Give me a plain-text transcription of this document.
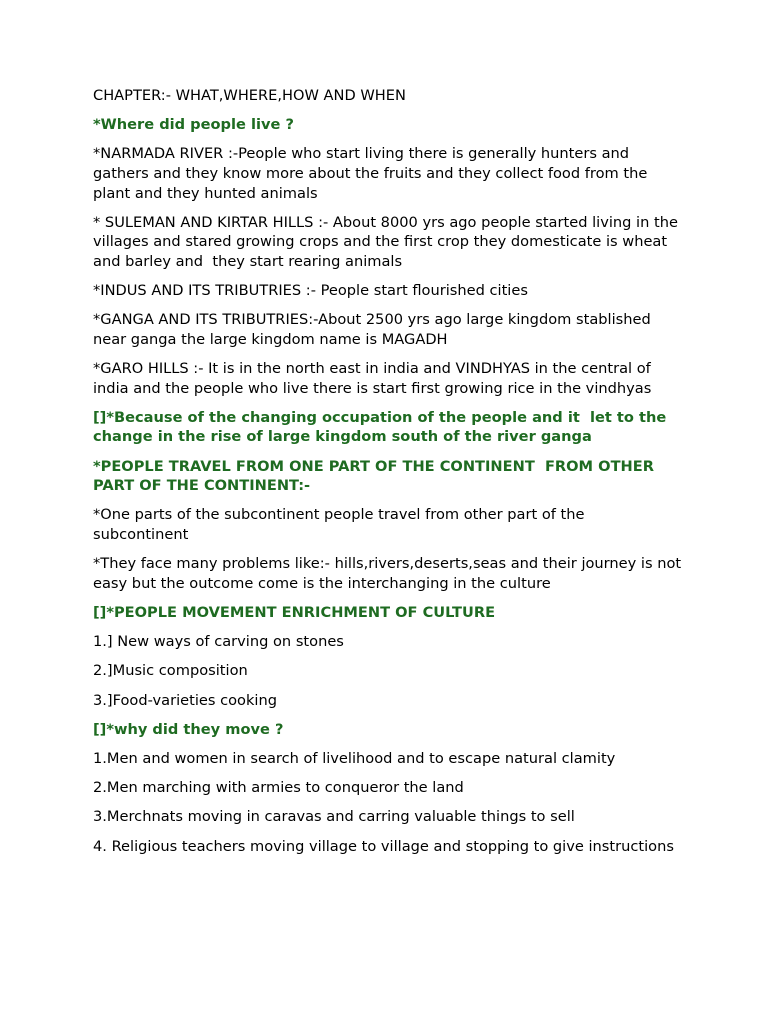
CHAPTER:- WHAT,WHERE,HOW AND WHEN

*Where did people live ?

*NARMADA RIVER :-People who start living there is generally hunters and gathers and they know more about the fruits and they collect food from the plant and they hunted animals

* SULEMAN AND KIRTAR HILLS :- About 8000 yrs ago people started living in the villages and stared growing crops and the first crop they domesticate is wheat and barley and  they start rearing animals

*INDUS AND ITS TRIBUTRIES :- People start flourished cities

*GANGA AND ITS TRIBUTRIES:-About 2500 yrs ago large kingdom stablished near ganga the large kingdom name is MAGADH

*GARO HILLS :- It is in the north east in india and VINDHYAS in the central of india and the people who live there is start first growing rice in the vindhyas

[]*Because of the changing occupation of the people and it  let to the change in the rise of large kingdom south of the river ganga

*PEOPLE TRAVEL FROM ONE PART OF THE CONTINENT  FROM OTHER PART OF THE CONTINENT:-

*One parts of the subcontinent people travel from other part of the subcontinent

*They face many problems like:- hills,rivers,deserts,seas and their journey is not easy but the outcome come is the interchanging in the culture

[]*PEOPLE MOVEMENT ENRICHMENT OF CULTURE

1.] New ways of carving on stones

2.]Music composition

3.]Food-varieties cooking

[]*why did they move ?

1.Men and women in search of livelihood and to escape natural clamity

2.Men marching with armies to conqueror the land

3.Merchnats moving in caravas and carring valuable things to sell

4. Religious teachers moving village to village and stopping to give instructions
